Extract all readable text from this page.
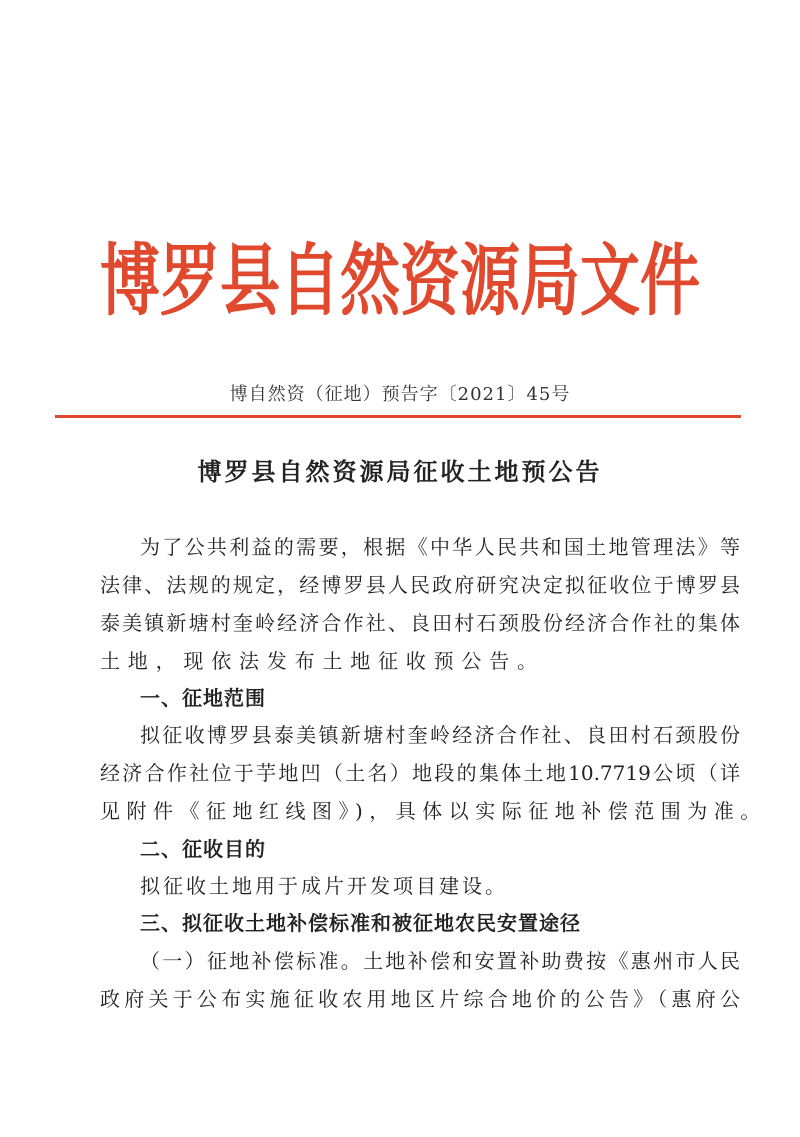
博罗县自然资源局文件
博自然资（征地）预告字〔2021〕45号
博罗县自然资源局征收土地预公告
为了公共利益的需要，根据《中华人民共和国土地管理法》等
法律、法规的规定，经博罗县人民政府研究决定拟征收位于博罗县
泰美镇新塘村奎岭经济合作社、良田村石颈股份经济合作社的集体
土地，现依法发布土地征收预公告。
一、征地范围
拟征收博罗县泰美镇新塘村奎岭经济合作社、良田村石颈股份
经济合作社位于芋地凹（土名）地段的集体土地10.7719公顷（详
见附件《征地红线图》)，具体以实际征地补偿范围为准。
二、征收目的
拟征收土地用于成片开发项目建设。
三、拟征收土地补偿标准和被征地农民安置途径
（一）征地补偿标准。土地补偿和安置补助费按《惠州市人民
政府关于公布实施征收农用地区片综合地价的公告》（惠府公
